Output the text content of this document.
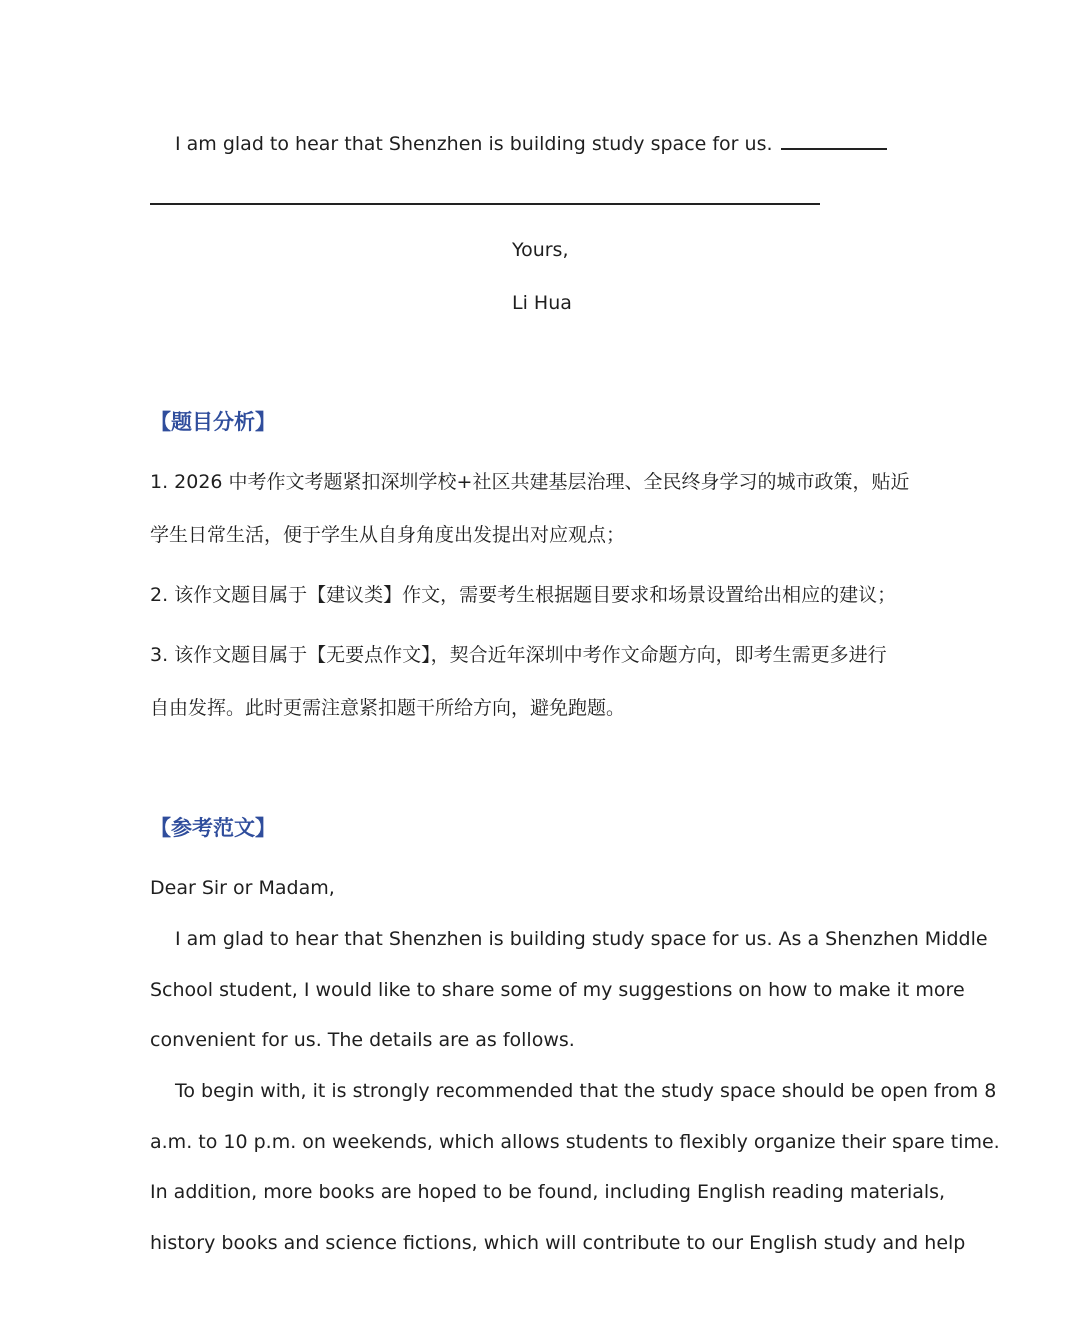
I am glad to hear that Shenzhen is building study space for us.

Yours,

Li Hua

【题目分析】

1. 2026 中考作文考题紧扣深圳学校+社区共建基层治理、全民终身学习的城市政策，贴近

学生日常生活，便于学生从自身角度出发提出对应观点；

2. 该作文题目属于【建议类】作文，需要考生根据题目要求和场景设置给出相应的建议；

3. 该作文题目属于【无要点作文】，契合近年深圳中考作文命题方向，即考生需更多进行

自由发挥。此时更需注意紧扣题干所给方向，避免跑题。

【参考范文】

Dear Sir or Madam,

I am glad to hear that Shenzhen is building study space for us. As a Shenzhen Middle

School student, I would like to share some of my suggestions on how to make it more

convenient for us. The details are as follows.

To begin with, it is strongly recommended that the study space should be open from 8

a.m. to 10 p.m. on weekends, which allows students to flexibly organize their spare time.

In addition, more books are hoped to be found, including English reading materials,

history books and science fictions, which will contribute to our English study and help
